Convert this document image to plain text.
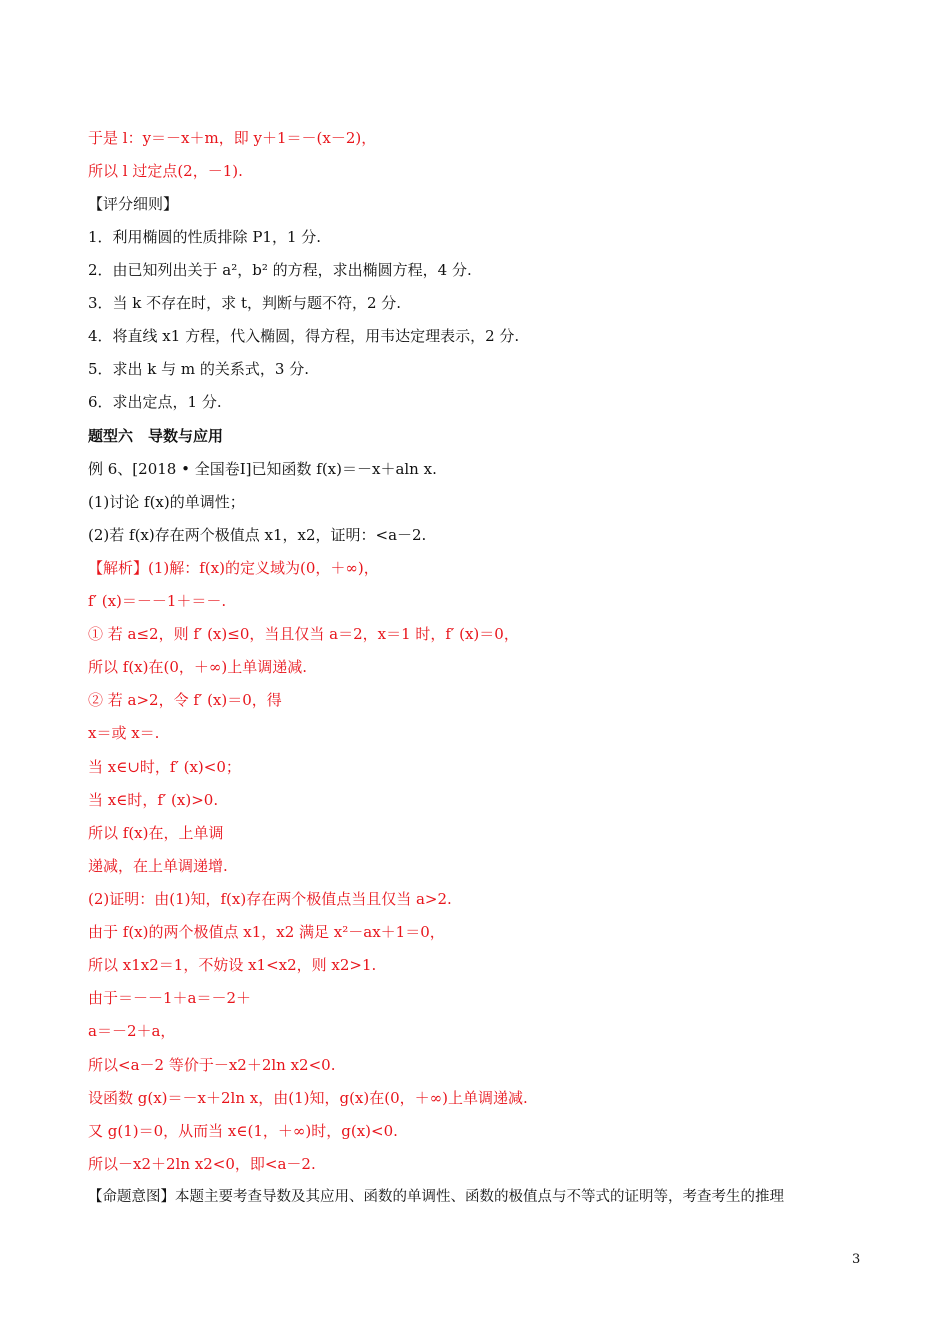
于是 l：y＝－x＋m，即 y＋1＝－(x－2)，
所以 l 过定点(2，－1).
【评分细则】
1．利用椭圆的性质排除 P1，1 分.
2．由已知列出关于 a²，b² 的方程，求出椭圆方程，4 分.
3．当 k 不存在时，求 t，判断与题不符，2 分.
4．将直线 x1 方程，代入椭圆，得方程，用韦达定理表示，2 分.
5．求出 k 与 m 的关系式，3 分.
6．求出定点，1 分.
题型六　导数与应用
例 6、[2018 • 全国卷Ⅰ]已知函数 f(x)＝－x＋aln x.
(1)讨论 f(x)的单调性；
(2)若 f(x)存在两个极值点 x1，x2，证明：<a－2.
【解析】(1)解：f(x)的定义域为(0，＋∞)，
f′ (x)＝－－1＋＝－.
① 若 a≤2，则 f′ (x)≤0，当且仅当 a＝2，x＝1 时，f′ (x)＝0，
所以 f(x)在(0，＋∞)上单调递减.
② 若 a>2，令 f′ (x)＝0，得
x＝或 x＝.
当 x∈∪时，f′ (x)<0；
当 x∈时，f′ (x)>0.
所以 f(x)在，上单调
递减，在上单调递增.
(2)证明：由(1)知，f(x)存在两个极值点当且仅当 a>2.
由于 f(x)的两个极值点 x1，x2 满足 x²－ax＋1＝0，
所以 x1x2＝1，不妨设 x1<x2，则 x2>1.
由于＝－－1＋a＝－2＋
a＝－2＋a，
所以<a－2 等价于－x2＋2ln x2<0.
设函数 g(x)＝－x＋2ln x，由(1)知，g(x)在(0，＋∞)上单调递减.
又 g(1)＝0，从而当 x∈(1，＋∞)时，g(x)<0.
所以－x2＋2ln x2<0，即<a－2.
【命题意图】本题主要考查导数及其应用、函数的单调性、函数的极值点与不等式的证明等，考查考生的推理
3
